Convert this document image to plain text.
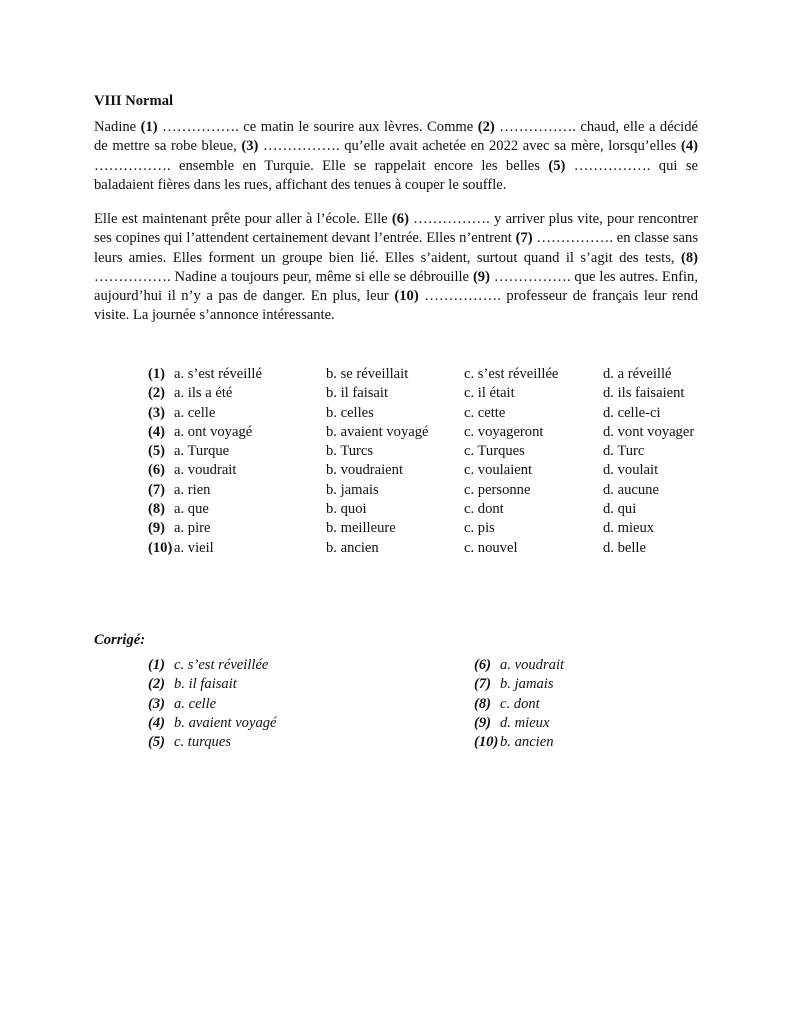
VIII Normal

Nadine (1) ……………. ce matin le sourire aux lèvres. Comme (2) ……………. chaud, elle a décidé de mettre sa robe bleue, (3) ……………. qu’elle avait achetée en 2022 avec sa mère, lorsqu’elles (4) ……………. ensemble en Turquie. Elle se rappelait encore les belles (5) ……………. qui se baladaient fières dans les rues, affichant des tenues à couper le souffle.

Elle est maintenant prête pour aller à l’école. Elle (6) ……………. y arriver plus vite, pour rencontrer ses copines qui l’attendent certainement devant l’entrée. Elles n’entrent (7) ……………. en classe sans leurs amies. Elles forment un groupe bien lié. Elles s’aident, surtout quand il s’agit des tests, (8) ……………. Nadine a toujours peur, même si elle se débrouille (9) ……………. que les autres. Enfin, aujourd’hui il n’y a pas de danger. En plus, leur (10) ……………. professeur de français leur rend visite. La journée s’annonce intéressante.

(1) a. s’est réveillé	b. se réveillait	c. s’est réveillée	d. a réveillé
(2) a. ils a été	b. il faisait	c. il était	d. ils faisaient
(3) a. celle	b. celles	c. cette	d. celle-ci
(4) a. ont voyagé	b. avaient voyagé c. voyageront	d. vont voyager
(5) a. Turque	b. Turcs	c. Turques	d. Turc
(6) a. voudrait	b. voudraient	c. voulaient	d. voulait
(7) a. rien	b. jamais	c. personne	d. aucune
(8) a. que	b. quoi	c. dont	d. qui
(9) a. pire	b. meilleure	c. pis	d. mieux
(10) a. vieil	b. ancien	c. nouvel	d. belle
Corrigé:
(1) c. s’est réveillée
(2) b. il faisait
(3) a. celle
(4) b. avaient voyagé
(5) c. turques
(6) a. voudrait
(7) b. jamais
(8) c. dont
(9) d. mieux
(10) b. ancien
